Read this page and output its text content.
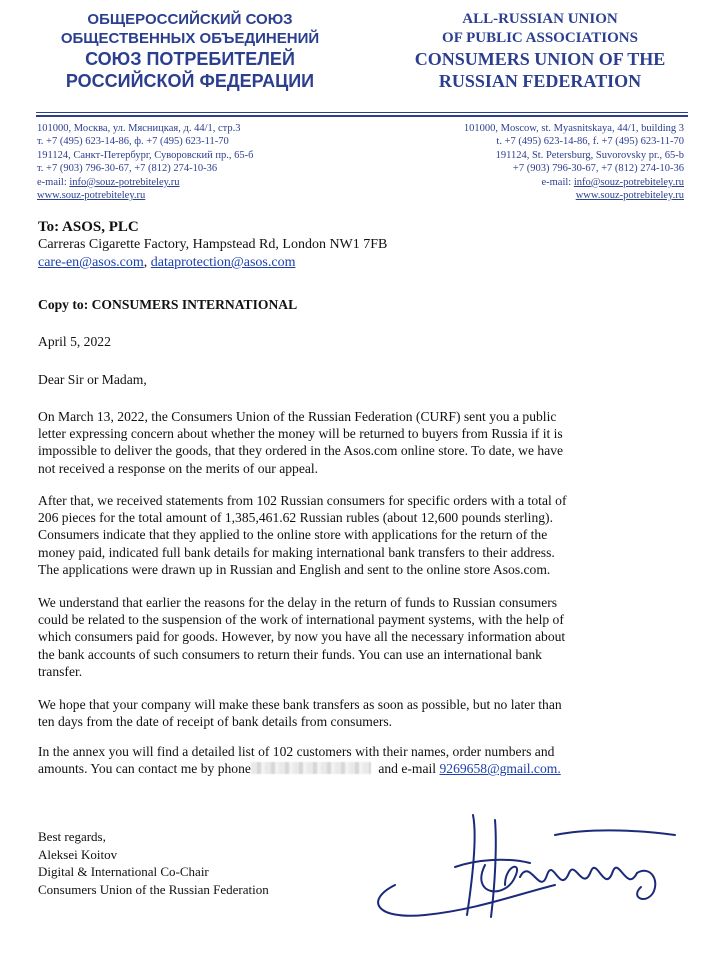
ОБЩЕРОССИЙСКИЙ СОЮЗ
ОБЩЕСТВЕННЫХ ОБЪЕДИНЕНИЙ
СОЮЗ ПОТРЕБИТЕЛЕЙ
РОССИЙСКОЙ ФЕДЕРАЦИИ
ALL-RUSSIAN UNION
OF PUBLIC ASSOCIATIONS
CONSUMERS UNION OF THE
RUSSIAN FEDERATION
101000, Москва, ул. Мясницкая, д. 44/1, стр.3
т. +7 (495) 623-14-86, ф. +7 (495) 623-11-70
191124, Санкт-Петербург, Суворовский пр., 65-б
т. +7 (903) 796-30-67, +7 (812) 274-10-36
e-mail: info@souz-potrebiteley.ru
www.souz-potrebiteley.ru
101000, Moscow, st. Myasnitskaya, 44/1, building 3
t. +7 (495) 623-14-86, f. +7 (495) 623-11-70
191124, St. Petersburg, Suvorovsky pr., 65-b
+7 (903) 796-30-67, +7 (812) 274-10-36
e-mail: info@souz-potrebiteley.ru
www.souz-potrebiteley.ru
To: ASOS, PLC
Carreras Cigarette Factory, Hampstead Rd, London NW1 7FB
care-en@asos.com, dataprotection@asos.com
Copy to: CONSUMERS INTERNATIONAL
April 5, 2022
Dear Sir or Madam,
On March 13, 2022, the Consumers Union of the Russian Federation (CURF) sent you a public
letter expressing concern about whether the money will be returned to buyers from Russia if it is
impossible to deliver the goods, that they ordered in the Asos.com online store. To date, we have
not received a response on the merits of our appeal.
After that, we received statements from 102 Russian consumers for specific orders with a total of
206 pieces for the total amount of 1,385,461.62 Russian rubles (about 12,600 pounds sterling).
Consumers indicate that they applied to the online store with applications for the return of the
money paid, indicated full bank details for making international bank transfers to their address.
The applications were drawn up in Russian and English and sent to the online store Asos.com.
We understand that earlier the reasons for the delay in the return of funds to Russian consumers
could be related to the suspension of the work of international payment systems, with the help of
which consumers paid for goods. However, by now you have all the necessary information about
the bank accounts of such consumers to return their funds. You can use an international bank
transfer.
We hope that your company will make these bank transfers as soon as possible, but no later than
ten days from the date of receipt of bank details from consumers.
In the annex you will find a detailed list of 102 customers with their names, order numbers and
amounts. You can contact me by phone	and e-mail 9269658@gmail.com.
Best regards,
Aleksei Koitov
Digital & International Co-Chair
Consumers Union of the Russian Federation
